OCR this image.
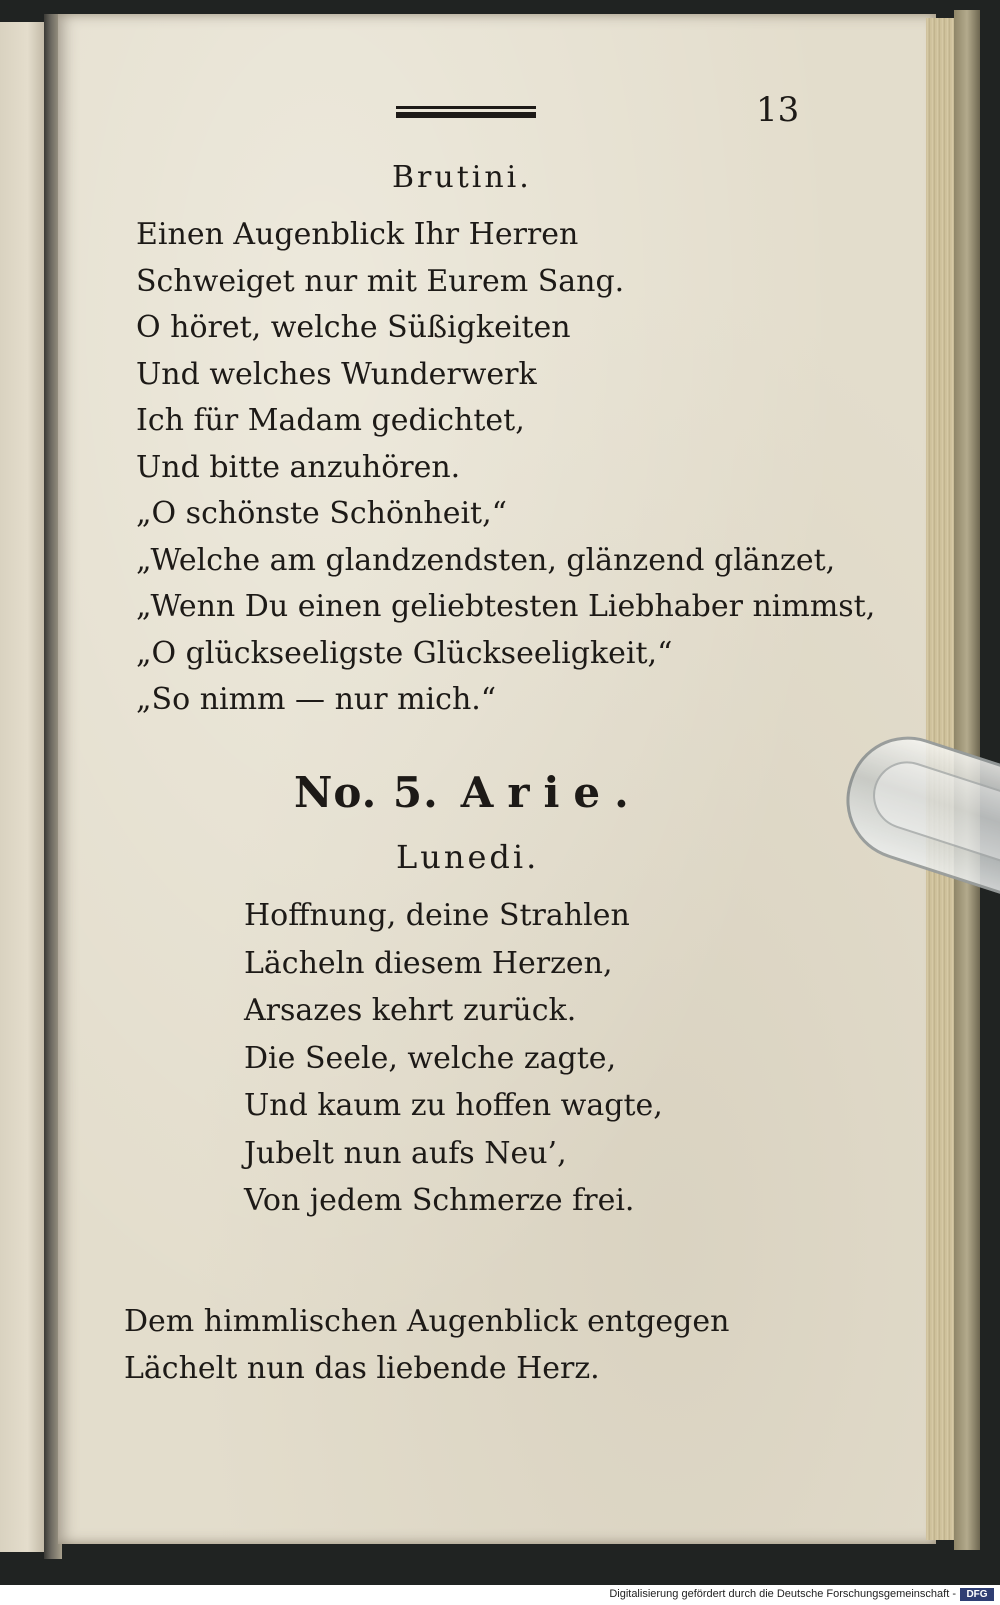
13
Brutini.
Einen Augenblick Ihr Herren
Schweiget nur mit Eurem Sang.
O höret, welche Süßigkeiten
Und welches Wunderwerk
Ich für Madam gedichtet,
Und bitte anzuhören.
„O schönste Schönheit,“
„Welche am glandzendsten, glänzend glänzet,
„Wenn Du einen geliebtesten Liebhaber nimmst,
„O glückseeligste Glückseeligkeit,“
„So nimm — nur mich.“
No. 5. Arie.
Lunedi.
Hoffnung, deine Strahlen
Lächeln diesem Herzen,
Arsazes kehrt zurück.
Die Seele, welche zagte,
Und kaum zu hoffen wagte,
Jubelt nun aufs Neu’,
Von jedem Schmerze frei.
Dem himmlischen Augenblick entgegen
Lächelt nun das liebende Herz.
Digitalisierung gefördert durch die Deutsche Forschungsgemeinschaft -	DFG
